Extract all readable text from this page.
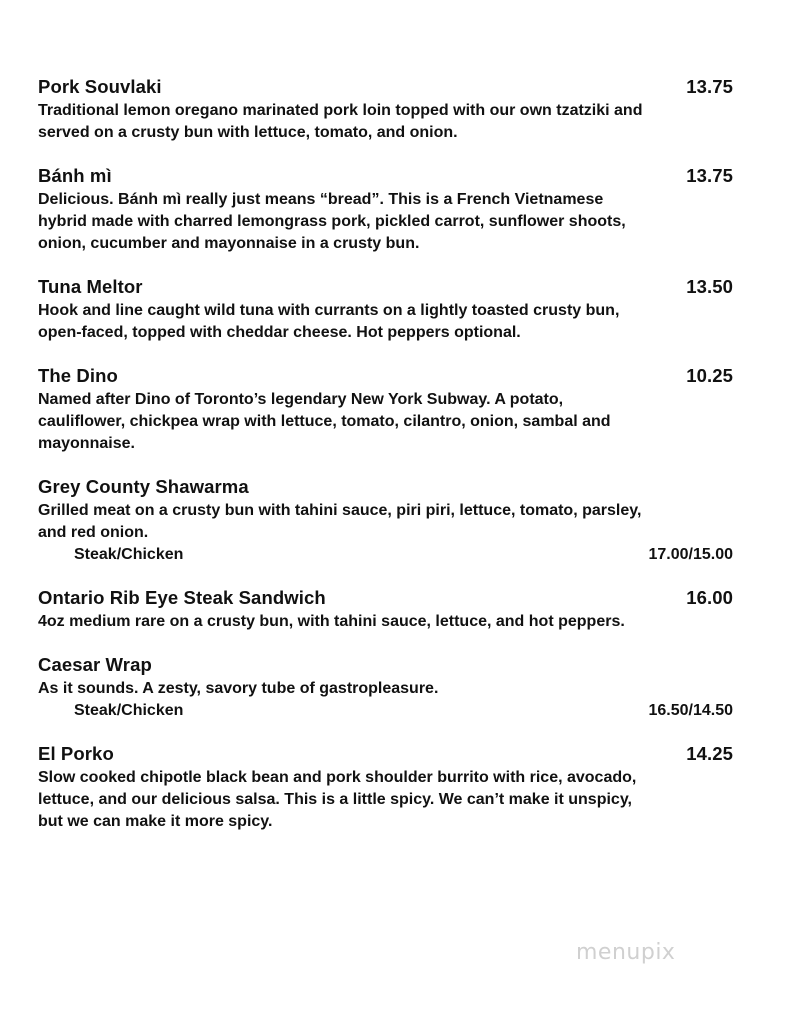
Pork Souvlaki	13.75

Traditional lemon oregano marinated pork loin topped with our own tzatziki and
served on a crusty bun with lettuce, tomato, and onion.

Bánh mì	13.75

Delicious. Bánh mì really just means “bread”. This is a French Vietnamese
hybrid made with charred lemongrass pork, pickled carrot, sunflower shoots,
onion, cucumber and mayonnaise in a crusty bun.

Tuna Meltor	13.50

Hook and line caught wild tuna with currants on a lightly toasted crusty bun,
open-faced, topped with cheddar cheese. Hot peppers optional.

The Dino	10.25

Named after Dino of Toronto’s legendary New York Subway. A potato,
cauliflower, chickpea wrap with lettuce, tomato, cilantro, onion, sambal and
mayonnaise.

Grey County Shawarma

Grilled meat on a crusty bun with tahini sauce, piri piri, lettuce, tomato, parsley,
and red onion.

Steak/Chicken	17.00/15.00
Ontario Rib Eye Steak Sandwich	16.00

4oz medium rare on a crusty bun, with tahini sauce, lettuce, and hot peppers.

Caesar Wrap

As it sounds. A zesty, savory tube of gastropleasure.

Steak/Chicken	16.50/14.50
El Porko	14.25

Slow cooked chipotle black bean and pork shoulder burrito with rice, avocado,
lettuce, and our delicious salsa. This is a little spicy. We can’t make it unspicy,
but we can make it more spicy.

menupix
